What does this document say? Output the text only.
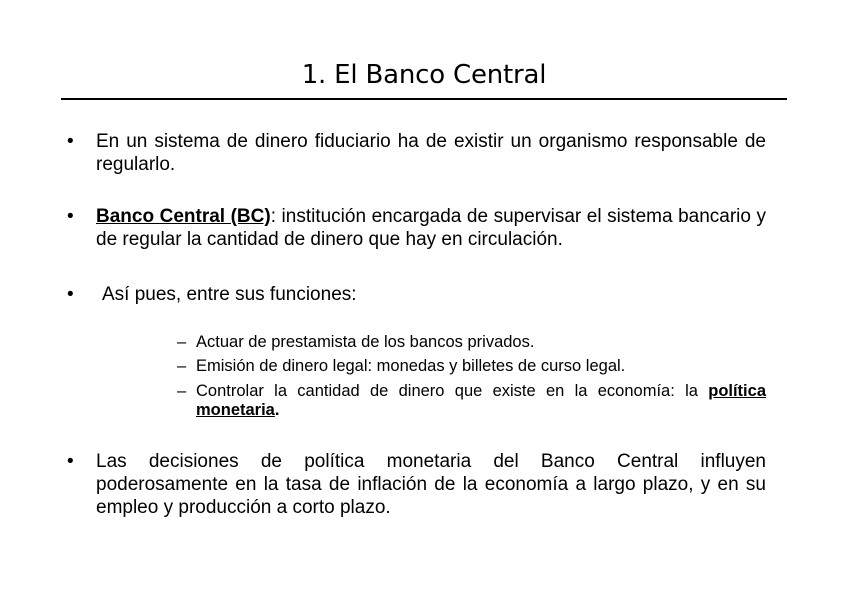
1. El Banco Central
• En un sistema de dinero fiduciario ha de existir un organismo responsable de regularlo.
• Banco Central (BC): institución encargada de supervisar el sistema bancario y de regular la cantidad de dinero que hay en circulación.
• Así pues, entre sus funciones:
– Actuar de prestamista de los bancos privados.
– Emisión de dinero legal: monedas y billetes de curso legal.
– Controlar la cantidad de dinero que existe en la economía: la política monetaria.
• Las decisiones de política monetaria del Banco Central influyen poderosamente en la tasa de inflación de la economía a largo plazo, y en su empleo y producción a corto plazo.
